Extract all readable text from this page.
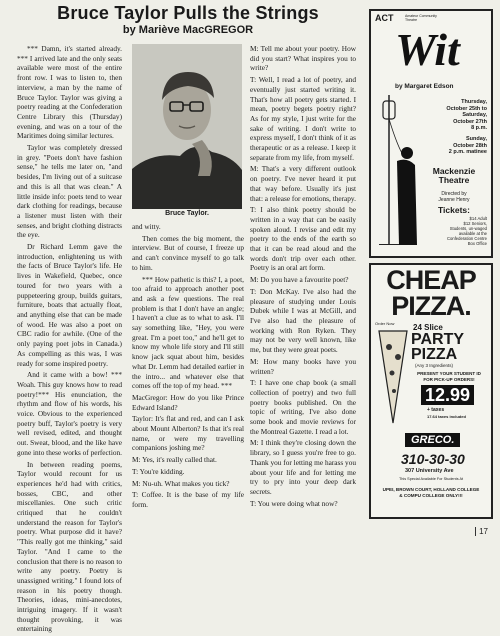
Bruce Taylor Pulls the Strings
by Mariève MacGREGOR

*** Damn, it's started already. *** I arrived late and the only seats available were most of the entire front row. I was to listen to, then interview, a man by the name of Bruce Taylor. Taylor was giving a poetry reading at the Confederation Centre Library this (Thursday) evening, and was on a tour of the Maritimes doing similar lectures.

Taylor was completely dressed in grey. "Poets don't have fashion sense," he tells me later on, "and besides, I'm living out of a suitcase and this is all that was clean." A little inside info: poets tend to wear dark clothing for readings, because a listener must listen with their senses, and bright clothing distracts the eye.

Dr Richard Lemm gave the introduction, enlightening us with the facts of Bruce Taylor's life. He lives in Wakefield, Quebec, once toured for two years with a puppeteering group, builds guitars, furniture, boats that actually float, and anything else that can be made of wood. He was also a poet on CBC radio for awhile. (One of the only paying poet jobs in Canada.) As compelling as this was, I was ready for some inspired poetry.

And it came with a bow! *** Woah. This guy knows how to read poetry!*** His enunciation, the rhythm and flow of his words, his voice. Obvious to the experienced poetry buff, Taylor's poetry is very well revised, edited, and thought out. Sweat, blood, and the like have gone into these works of perfection.

In between reading poems, Taylor would recount for us experiences he'd had with critics, bosses, CBC, and other miscellanies. One such critic critiqued that he couldn't understand the reason for Taylor's poetry. What purpose did it have? "This really got me thinking," said Taylor. "And I came to the conclusion that there is no reason to write any poetry. Poetry is unassigned writing." I found lots of reason in his poetry though. Theories, ideas, mini-anecdotes, intriguing imagery. If it wasn't thought provoking, it was entertaining

Bruce Taylor.

and witty.

Then comes the big moment, the interview. But of course, I freeze up and can't convince myself to go talk to him.

*** How pathetic is this? I, a poet, too afraid to approach another poet and ask a few questions. The real problem is that I don't have an angle; I haven't a clue as to what to ask. I'll say something like, "Hey, you were great. I'm a poet too," and he'll get to know my whole life story and I'll still know jack squat about him, besides what Dr. Lemm had detailed earlier in the intro... and whatever else that comes off the top of my head. ***

MacGregor: How do you like Prince Edward Island?

Taylor: It's flat and red, and can I ask about Mount Alberton? Is that it's real name, or were my travelling companions joshing me?

M: Yes, it's really called that.

T: You're kidding.

M: Nu-uh. What makes you tick?

T: Coffee. It is the base of my life form.

M: Tell me about your poetry. How did you start? What inspires you to write?

T: Well, I read a lot of poetry, and eventually just started writing it. That's how all poetry gets started. I mean, poetry begets poetry right? As for my style, I just write for the sake of writing. I don't write to express myself, I don't think of it as therapeutic or as a release. I keep it separate from my life, from myself.

M: That's a very different outlook on poetry. I've never heard it put that way before. Usually it's just that: a release for emotions, therapy.

T: I also think poetry should be written in a way that can be easily spoken aloud. I revise and edit my poetry to the ends of the earth so that it can be read aloud and the words don't trip over each other. Poetry is an oral art form.

M: Do you have a favourite poet?

T: Don McKay. I've also had the pleasure of studying under Louis Dubek while I was at McGill, and I've also had the pleasure of working with Ron Ryken. They may not be very well known, like me, but they were great poets.

M: How many books have you written?

T: I have one chap book (a small collection of poetry) and two full poetry books published. On the topic of writing, I've also done some book and movie reviews for the Montreal Gazette. I read a lot.

M: I think they're closing down the library, so I guess you're free to go. Thank you for letting me harass you about your life and for letting me try to pry into your deep dark secrets.

T: You were doing what now?

ACT	Amateur Community Theatre
Wit
by Margaret Edson
Thursday,
October 25th to
Saturday,
October 27th
8 p.m.
Sunday,
October 28th
2 p.m. matinee
Mackenzie
Theatre
Directed by
Jeanne Henry
Tickets:
$14 Adult
$12 Seniors,
Students, un-waged
available at the
Confederation Centre
Box Office
CHEAP PIZZA.
Order Now 24 Slice
PARTY PIZZA
(Any 3 Ingredients)
PRESENT YOUR STUDENT ID
FOR PICK-UP ORDERS!
12.99
+ taxes
17.64 taxes included
GRECO.
310-30-30
307 University Ave
This Special Available For Students At
UPEI, BROWN COURT, HOLLAND COLLEGE
& COMPU COLLEGE ONLY!!!
17
